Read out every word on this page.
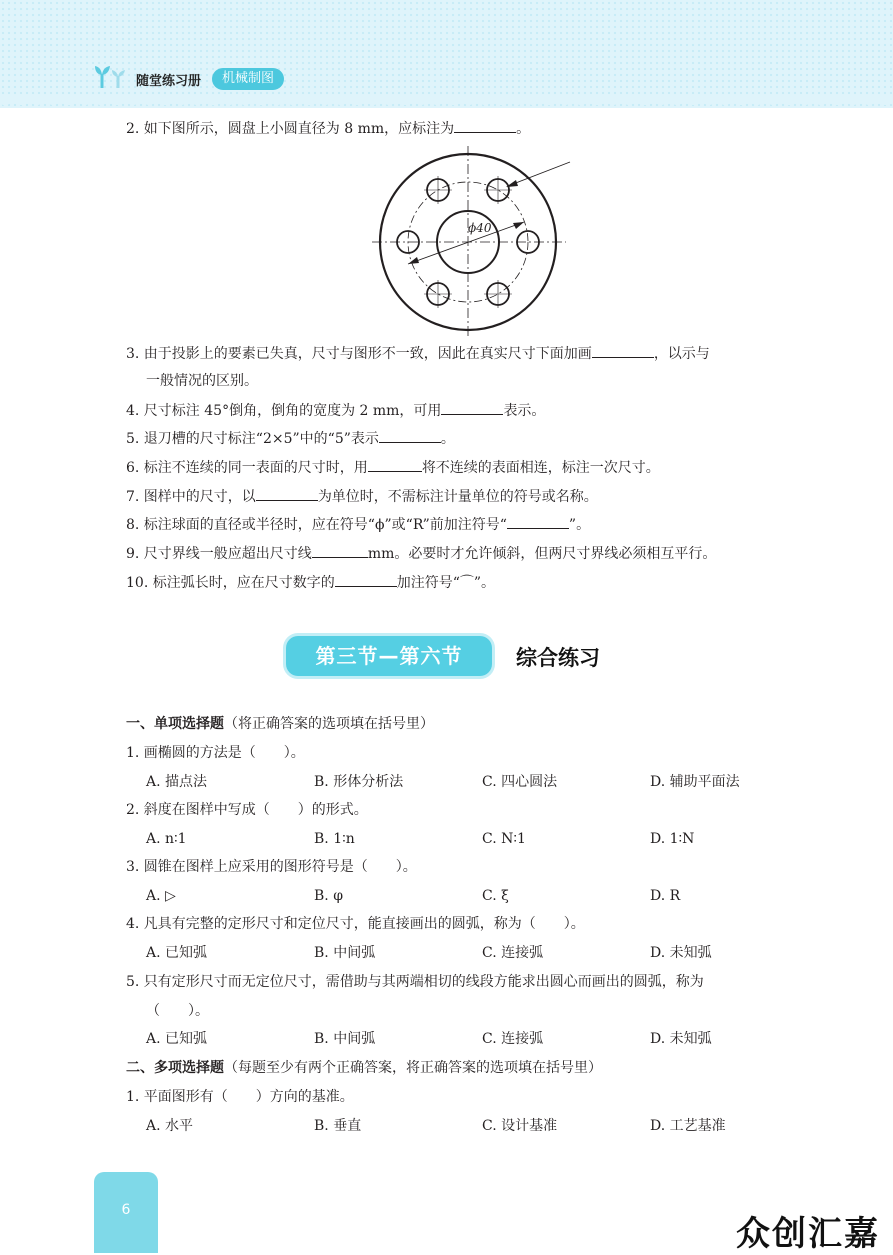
随堂练习册	机械制图
2. 如下图所示，圆盘上小圆直径为 8 mm，应标注为	。
ϕ40
3. 由于投影上的要素已失真，尺寸与图形不一致，因此在真实尺寸下面加画	，以示与
一般情况的区别。
4. 尺寸标注 45°倒角，倒角的宽度为 2 mm，可用	表示。
5. 退刀槽的尺寸标注“2×5”中的“5”表示	。
6. 标注不连续的同一表面的尺寸时，用	将不连续的表面相连，标注一次尺寸。
7. 图样中的尺寸，以	为单位时，不需标注计量单位的符号或名称。
8. 标注球面的直径或半径时，应在符号“ϕ”或“R”前加注符号“	”。
9. 尺寸界线一般应超出尺寸线	mm。必要时才允许倾斜，但两尺寸界线必须相互平行。
10. 标注弧长时，应在尺寸数字的	加注符号“⌒”。
第三节—第六节	综合练习
一、单项选择题（将正确答案的选项填在括号里）
1. 画椭圆的方法是（　　）。
A. 描点法	B. 形体分析法	C. 四心圆法	D. 辅助平面法
2. 斜度在图样中写成（　　）的形式。
A. n∶1	B. 1∶n	C. N∶1	D. 1∶N
3. 圆锥在图样上应采用的图形符号是（　　）。
A. ▷	B. φ	C. ξ	D. R
4. 凡具有完整的定形尺寸和定位尺寸，能直接画出的圆弧，称为（　　）。
A. 已知弧	B. 中间弧	C. 连接弧	D. 未知弧
5. 只有定形尺寸而无定位尺寸，需借助与其两端相切的线段方能求出圆心而画出的圆弧，称为
（　　）。
A. 已知弧	B. 中间弧	C. 连接弧	D. 未知弧
二、多项选择题（每题至少有两个正确答案，将正确答案的选项填在括号里）
1. 平面图形有（　　）方向的基准。
A. 水平	B. 垂直	C. 设计基准	D. 工艺基准
6
众创汇嘉
